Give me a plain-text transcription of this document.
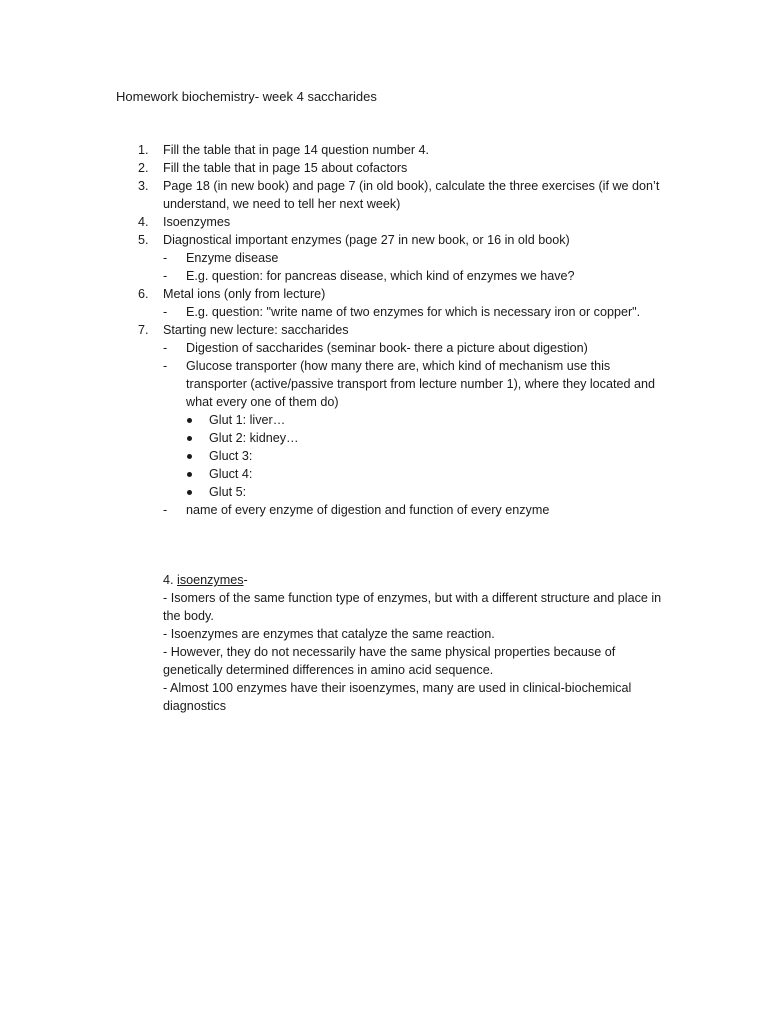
Homework biochemistry- week 4 saccharides
1. Fill the table that in page 14 question number 4.
2. Fill the table that in page 15 about cofactors
3. Page 18 (in new book) and page 7 (in old book), calculate the three exercises (if we don’t understand, we need to tell her next week)
4. Isoenzymes
5. Diagnostical important enzymes (page 27 in new book, or 16 in old book)
- Enzyme disease
- E.g. question: for pancreas disease, which kind of enzymes we have?
6. Metal ions (only from lecture)
- E.g. question: "write name of two enzymes for which is necessary iron or copper".
7. Starting new lecture: saccharides
- Digestion of saccharides (seminar book- there a picture about digestion)
- Glucose transporter (how many there are, which kind of mechanism use this transporter (active/passive transport from lecture number 1), where they located and what every one of them do)
Glut 1: liver…
Glut 2: kidney…
Gluct 3:
Gluct 4:
Glut 5:
- name of every enzyme of digestion and function of every enzyme

4. isoenzymes-

- Isomers of the same function type of enzymes, but with a different structure and place in the body.

- Isoenzymes are enzymes that catalyze the same reaction.

- However, they do not necessarily have the same physical properties because of genetically determined differences in amino acid sequence.

- Almost 100 enzymes have their isoenzymes, many are used in clinical-biochemical diagnostics
